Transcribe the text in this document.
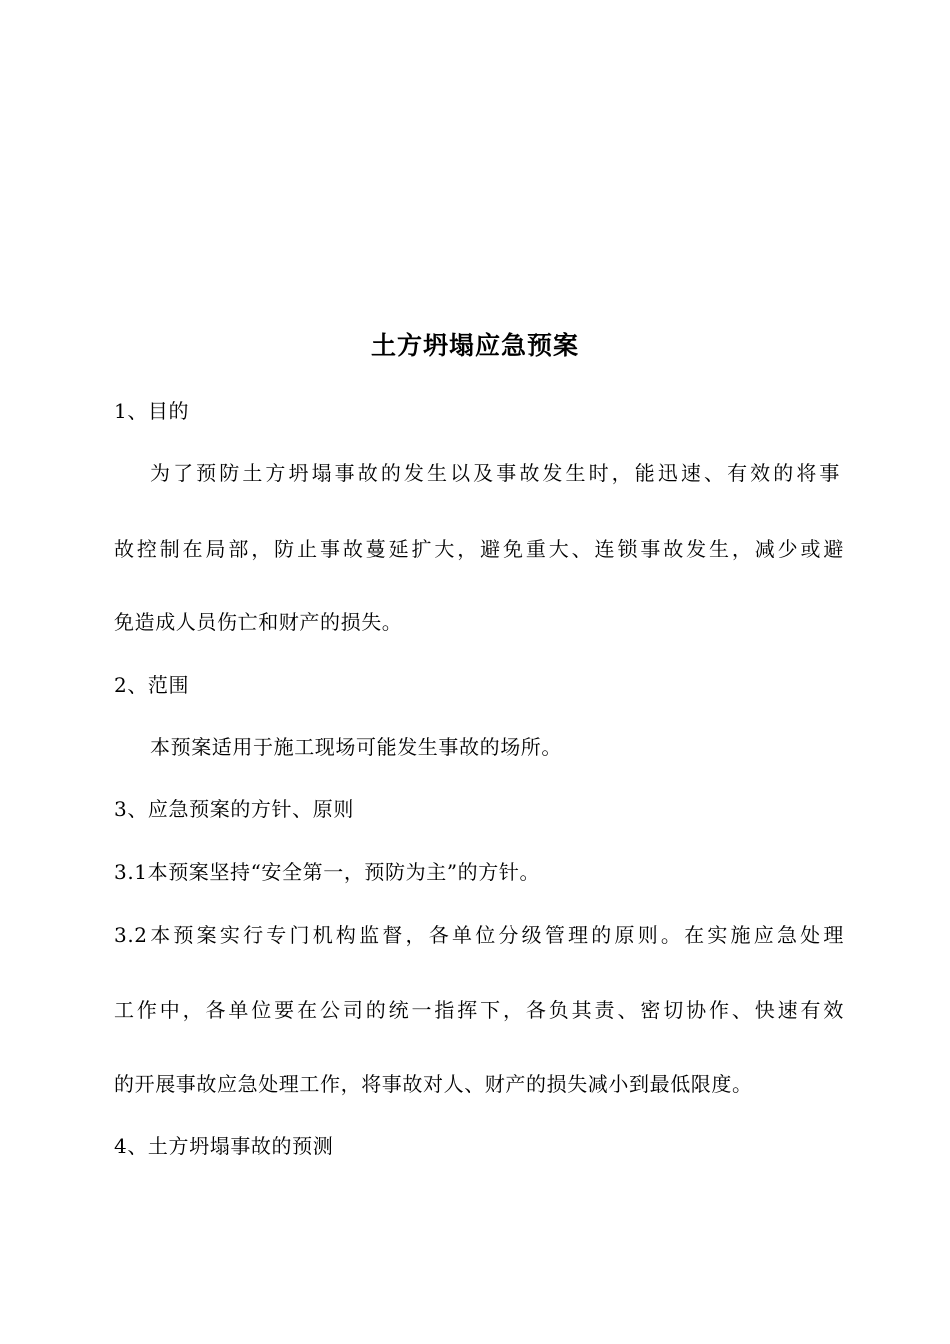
土方坍塌应急预案
1、目的
为了预防土方坍塌事故的发生以及事故发生时，能迅速、有效的将事
故控制在局部，防止事故蔓延扩大，避免重大、连锁事故发生，减少或避
免造成人员伤亡和财产的损失。
2、范围
本预案适用于施工现场可能发生事故的场所。
3、应急预案的方针、原则
3.1本预案坚持“安全第一，预防为主”的方针。
3.2本预案实行专门机构监督，各单位分级管理的原则。在实施应急处理
工作中，各单位要在公司的统一指挥下，各负其责、密切协作、快速有效
的开展事故应急处理工作，将事故对人、财产的损失减小到最低限度。
4、土方坍塌事故的预测
